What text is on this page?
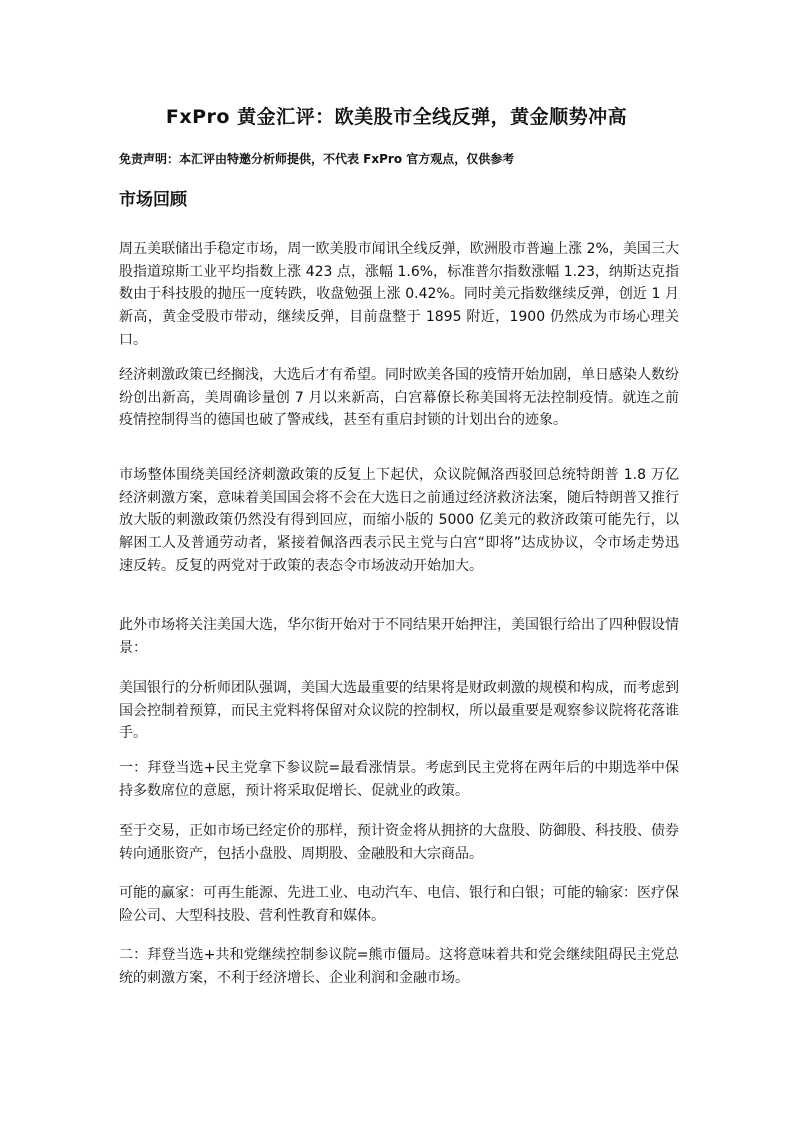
FxPro 黄金汇评：欧美股市全线反弹，黄金顺势冲高

免责声明：本汇评由特邀分析师提供，不代表 FxPro 官方观点，仅供参考

市场回顾

周五美联储出手稳定市场，周一欧美股市闻讯全线反弹，欧洲股市普遍上涨 2%，美国三大股指道琼斯工业平均指数上涨 423 点，涨幅 1.6%，标准普尔指数涨幅 1.23，纳斯达克指数由于科技股的抛压一度转跌，收盘勉强上涨 0.42%。同时美元指数继续反弹，创近 1 月新高，黄金受股市带动，继续反弹，目前盘整于 1895 附近，1900 仍然成为市场心理关口。

经济刺激政策已经搁浅，大选后才有希望。同时欧美各国的疫情开始加剧，单日感染人数纷纷创出新高，美周确诊量创 7 月以来新高，白宫幕僚长称美国将无法控制疫情。就连之前疫情控制得当的德国也破了警戒线，甚至有重启封锁的计划出台的迹象。

市场整体围绕美国经济刺激政策的反复上下起伏，众议院佩洛西驳回总统特朗普 1.8 万亿经济刺激方案，意味着美国国会将不会在大选日之前通过经济救济法案，随后特朗普又推行放大版的刺激政策仍然没有得到回应，而缩小版的 5000 亿美元的救济政策可能先行，以解困工人及普通劳动者，紧接着佩洛西表示民主党与白宫“即将”达成协议，令市场走势迅速反转。反复的两党对于政策的表态令市场波动开始加大。

此外市场将关注美国大选，华尔街开始对于不同结果开始押注，美国银行给出了四种假设情景：

美国银行的分析师团队强调，美国大选最重要的结果将是财政刺激的规模和构成，而考虑到国会控制着预算，而民主党料将保留对众议院的控制权，所以最重要是观察参议院将花落谁手。

一：拜登当选+民主党拿下参议院=最看涨情景。考虑到民主党将在两年后的中期选举中保持多数席位的意愿，预计将采取促增长、促就业的政策。

至于交易，正如市场已经定价的那样，预计资金将从拥挤的大盘股、防御股、科技股、债券转向通胀资产，包括小盘股、周期股、金融股和大宗商品。

可能的赢家：可再生能源、先进工业、电动汽车、电信、银行和白银；可能的输家：医疗保险公司、大型科技股、营利性教育和媒体。

二：拜登当选+共和党继续控制参议院=熊市僵局。这将意味着共和党会继续阻碍民主党总统的刺激方案，不利于经济增长、企业利润和金融市场。
